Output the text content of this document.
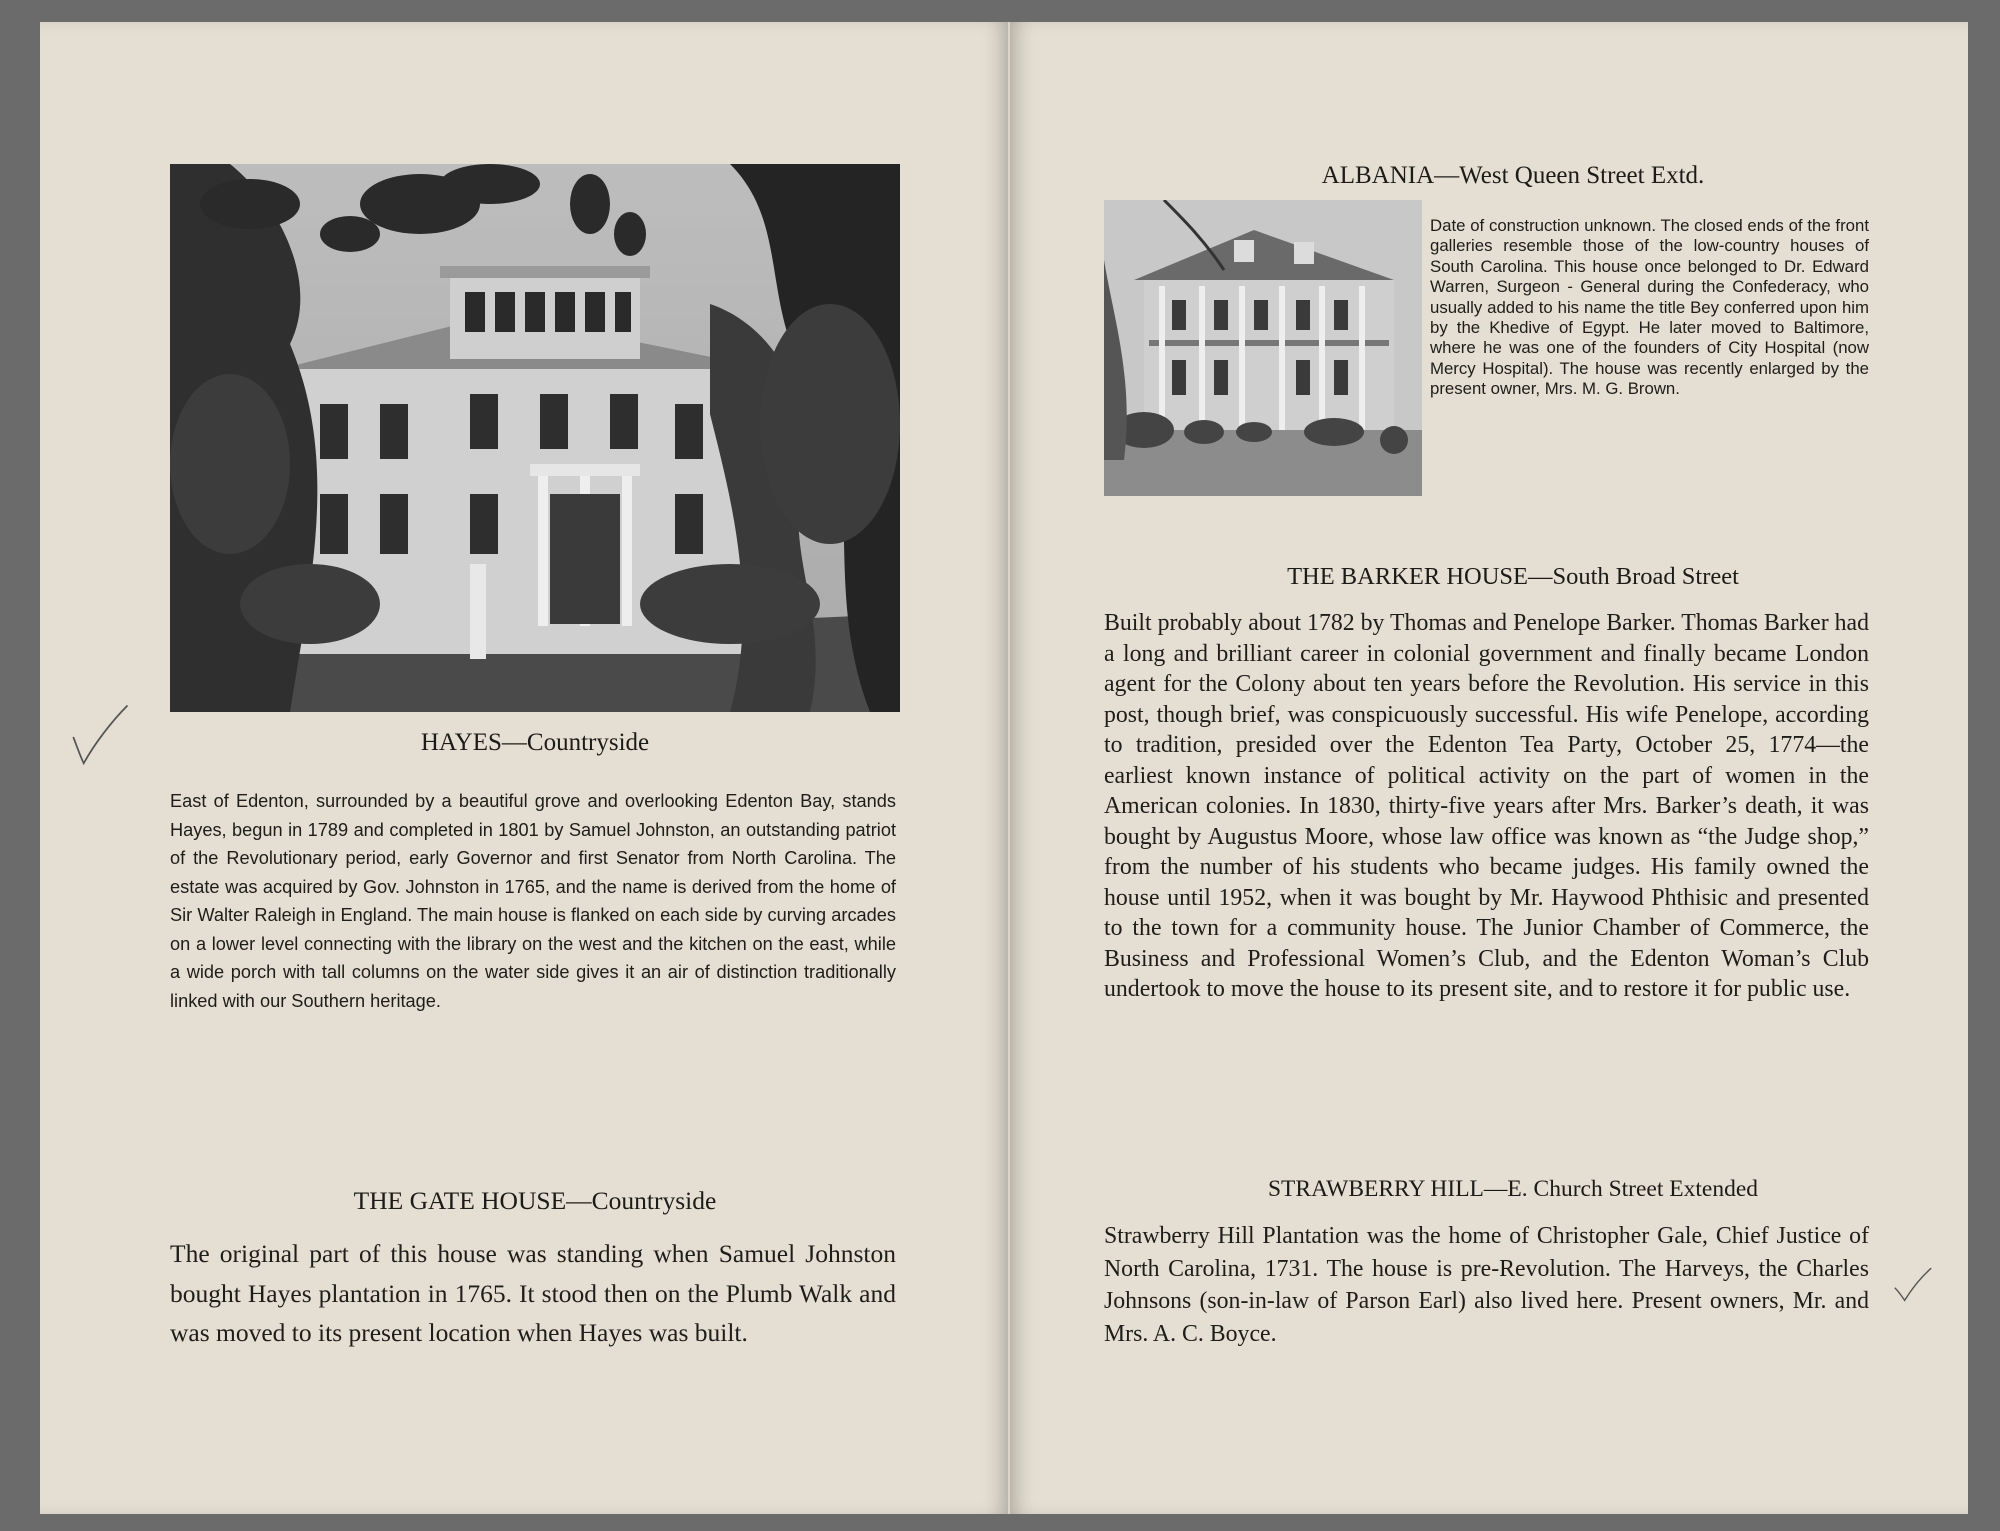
HAYES—Countryside
East of Edenton, surrounded by a beautiful grove and overlooking Edenton Bay, stands Hayes, begun in 1789 and completed in 1801 by Samuel Johnston, an outstanding patriot of the Revolutionary period, early Governor and first Senator from North Carolina. The estate was acquired by Gov. Johnston in 1765, and the name is derived from the home of Sir Walter Raleigh in England. The main house is flanked on each side by curving arcades on a lower level connecting with the library on the west and the kitchen on the east, while a wide porch with tall columns on the water side gives it an air of distinction traditionally linked with our Southern heritage.
THE GATE HOUSE—Countryside
The original part of this house was standing when Samuel Johnston bought Hayes plantation in 1765. It stood then on the Plumb Walk and was moved to its present location when Hayes was built.
ALBANIA—West Queen Street Extd.
Date of construction unknown. The closed ends of the front galleries resemble those of the low-country houses of South Carolina. This house once belonged to Dr. Edward Warren, Surgeon - General during the Confederacy, who usually added to his name the title Bey conferred upon him by the Khedive of Egypt. He later moved to Baltimore, where he was one of the founders of City Hospital (now Mercy Hospital). The house was recently enlarged by the present owner, Mrs. M. G. Brown.
THE BARKER HOUSE—South Broad Street
Built probably about 1782 by Thomas and Penelope Barker. Thomas Barker had a long and brilliant career in colonial government and finally became London agent for the Colony about ten years before the Revolution. His service in this post, though brief, was conspicuously successful. His wife Penelope, according to tradition, presided over the Edenton Tea Party, October 25, 1774—the earliest known instance of political activity on the part of women in the American colonies. In 1830, thirty-five years after Mrs. Barker’s death, it was bought by Augustus Moore, whose law office was known as “the Judge shop,” from the number of his students who became judges. His family owned the house until 1952, when it was bought by Mr. Haywood Phthisic and presented to the town for a community house. The Junior Chamber of Commerce, the Business and Professional Women’s Club, and the Edenton Woman’s Club undertook to move the house to its present site, and to restore it for public use.
STRAWBERRY HILL—E. Church Street Extended
Strawberry Hill Plantation was the home of Christopher Gale, Chief Justice of North Carolina, 1731. The house is pre-Revolution. The Harveys, the Charles Johnsons (son-in-law of Parson Earl) also lived here. Present owners, Mr. and Mrs. A. C. Boyce.
